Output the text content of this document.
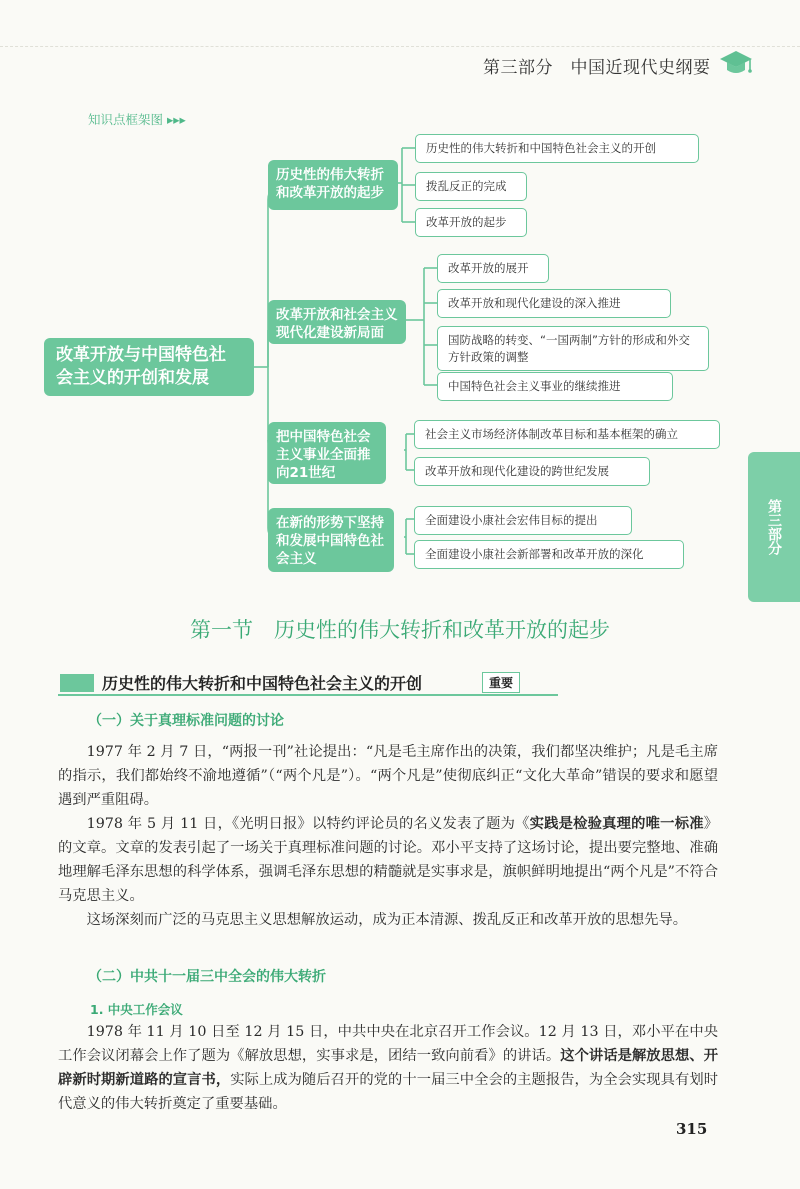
第三部分　中国近现代史纲要
知识点框架图 ▸▸▸
改革开放与中国特色社会主义的开创和发展
历史性的伟大转折和改革开放的起步
改革开放和社会主义现代化建设新局面
把中国特色社会主义事业全面推向21世纪
在新的形势下坚持和发展中国特色社会主义
历史性的伟大转折和中国特色社会主义的开创
拨乱反正的完成
改革开放的起步
改革开放的展开
改革开放和现代化建设的深入推进
国防战略的转变、“一国两制”方针的形成和外交方针政策的调整
中国特色社会主义事业的继续推进
社会主义市场经济体制改革目标和基本框架的确立
改革开放和现代化建设的跨世纪发展
全面建设小康社会宏伟目标的提出
全面建设小康社会新部署和改革开放的深化	第三部分
第一节　历史性的伟大转折和改革开放的起步
历史性的伟大转折和中国特色社会主义的开创	重要
（一）关于真理标准问题的讨论
1977 年 2 月 7 日，“两报一刊”社论提出：“凡是毛主席作出的决策，我们都坚决维护；凡是毛主席的指示，我们都始终不渝地遵循”（“两个凡是”）。“两个凡是”使彻底纠正“文化大革命”错误的要求和愿望遇到严重阻碍。
1978 年 5 月 11 日，《光明日报》以特约评论员的名义发表了题为《实践是检验真理的唯一标准》的文章。文章的发表引起了一场关于真理标准问题的讨论。邓小平支持了这场讨论，提出要完整地、准确地理解毛泽东思想的科学体系，强调毛泽东思想的精髓就是实事求是，旗帜鲜明地提出“两个凡是”不符合马克思主义。
这场深刻而广泛的马克思主义思想解放运动，成为正本清源、拨乱反正和改革开放的思想先导。
（二）中共十一届三中全会的伟大转折
1. 中央工作会议
1978 年 11 月 10 日至 12 月 15 日，中共中央在北京召开工作会议。12 月 13 日，邓小平在中央工作会议闭幕会上作了题为《解放思想，实事求是，团结一致向前看》的讲话。这个讲话是解放思想、开辟新时期新道路的宣言书，实际上成为随后召开的党的十一届三中全会的主题报告，为全会实现具有划时代意义的伟大转折奠定了重要基础。
315
